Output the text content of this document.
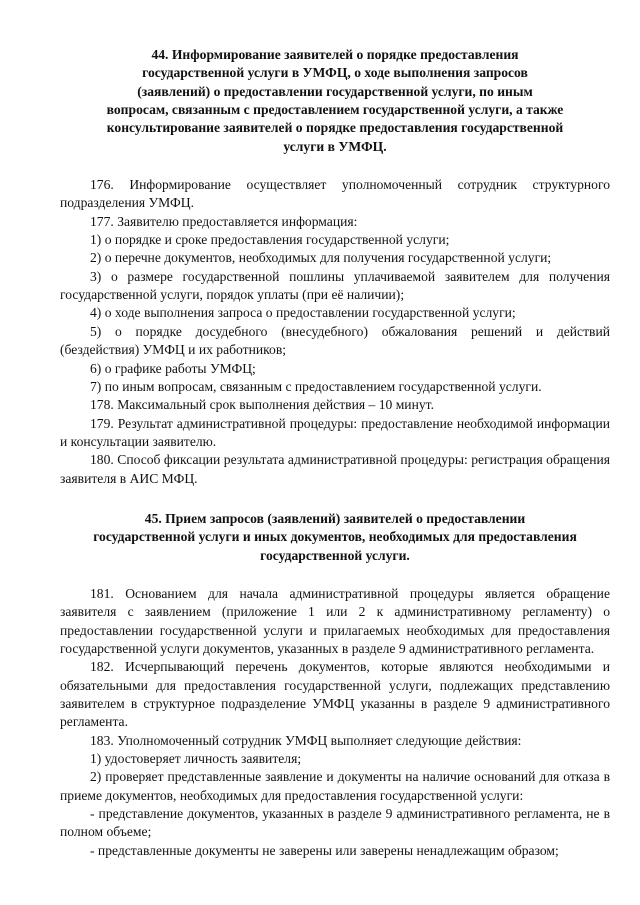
44. Информирование заявителей о порядке предоставления
государственной услуги в УМФЦ, о ходе выполнения запросов
(заявлений) о предоставлении государственной услуги, по иным
вопросам, связанным с предоставлением государственной услуги, а также
консультирование заявителей о порядке предоставления государственной
услуги в УМФЦ.

176. Информирование осуществляет уполномоченный сотрудник структурного подразделения УМФЦ.

177. Заявителю предоставляется информация:

1) о порядке и сроке предоставления государственной услуги;

2) о перечне документов, необходимых для получения государственной услуги;

3) о размере государственной пошлины уплачиваемой заявителем для получения государственной услуги, порядок уплаты (при её наличии);

4) о ходе выполнения запроса о предоставлении государственной услуги;

5) о порядке досудебного (внесудебного) обжалования решений и действий (бездействия) УМФЦ и их работников;

6) о графике работы УМФЦ;

7) по иным вопросам, связанным с предоставлением государственной услуги.

178. Максимальный срок выполнения действия – 10 минут.

179. Результат административной процедуры: предоставление необходимой информации и консультации заявителю.

180. Способ фиксации результата административной процедуры: регистрация обращения заявителя в АИС МФЦ.

45. Прием запросов (заявлений) заявителей о предоставлении
государственной услуги и иных документов, необходимых для предоставления
государственной услуги.

181. Основанием для начала административной процедуры является обращение заявителя с заявлением (приложение 1 или 2 к административному регламенту) о предоставлении государственной услуги и прилагаемых необходимых для предоставления государственной услуги документов, указанных в разделе 9 административного регламента.

182. Исчерпывающий перечень документов, которые являются необходимыми и обязательными для предоставления государственной услуги, подлежащих представлению заявителем в структурное подразделение УМФЦ указанны в разделе 9 административного регламента.

183. Уполномоченный сотрудник УМФЦ выполняет следующие действия:

1) удостоверяет личность заявителя;

2) проверяет представленные заявление и документы на наличие оснований для отказа в приеме документов, необходимых для предоставления государственной услуги:

- представление документов, указанных в разделе 9 административного регламента, не в полном объеме;

- представленные документы не заверены или заверены ненадлежащим образом;
